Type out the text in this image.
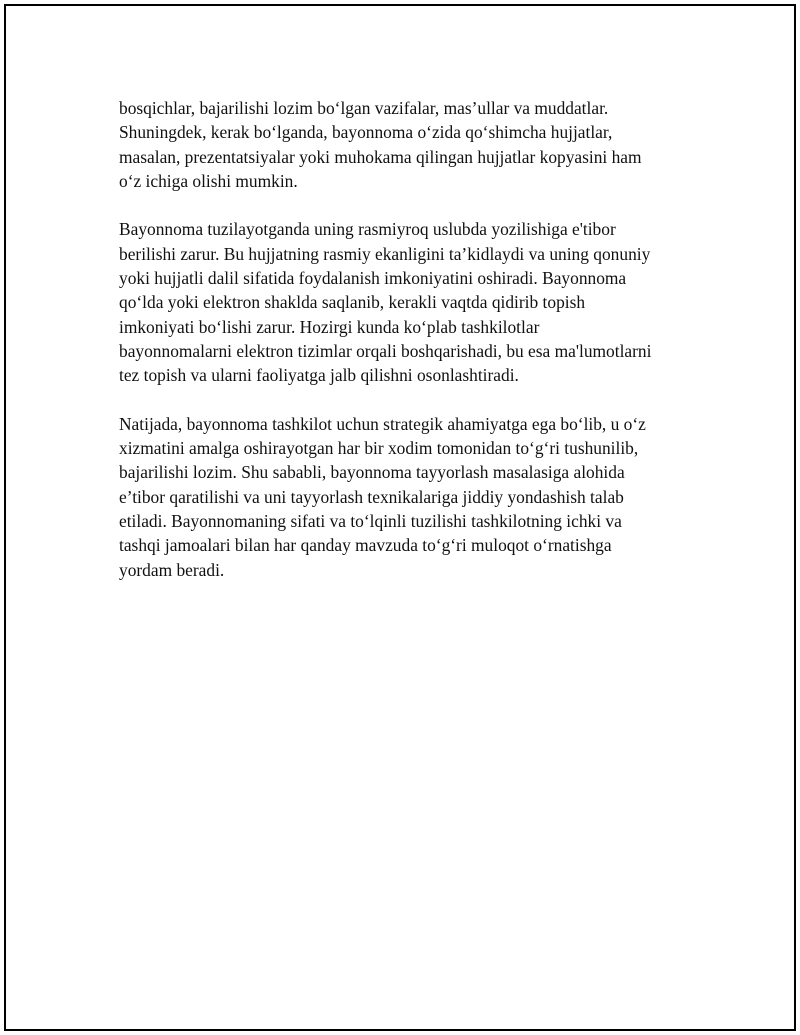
bosqichlar, bajarilishi lozim bo‘lgan vazifalar, mas’ullar va muddatlar.
Shuningdek, kerak bo‘lganda, bayonnoma o‘zida qo‘shimcha hujjatlar,
masalan, prezentatsiyalar yoki muhokama qilingan hujjatlar kopyasini ham
o‘z ichiga olishi mumkin.

Bayonnoma tuzilayotganda uning rasmiyroq uslubda yozilishiga e'tibor
berilishi zarur. Bu hujjatning rasmiy ekanligini ta’kidlaydi va uning qonuniy
yoki hujjatli dalil sifatida foydalanish imkoniyatini oshiradi. Bayonnoma
qo‘lda yoki elektron shaklda saqlanib, kerakli vaqtda qidirib topish
imkoniyati bo‘lishi zarur. Hozirgi kunda ko‘plab tashkilotlar
bayonnomalarni elektron tizimlar orqali boshqarishadi, bu esa ma'lumotlarni
tez topish va ularni faoliyatga jalb qilishni osonlashtiradi.

Natijada, bayonnoma tashkilot uchun strategik ahamiyatga ega bo‘lib, u o‘z
xizmatini amalga oshirayotgan har bir xodim tomonidan to‘g‘ri tushunilib,
bajarilishi lozim. Shu sababli, bayonnoma tayyorlash masalasiga alohida
e’tibor qaratilishi va uni tayyorlash texnikalariga jiddiy yondashish talab
etiladi. Bayonnomaning sifati va to‘lqinli tuzilishi tashkilotning ichki va
tashqi jamoalari bilan har qanday mavzuda to‘g‘ri muloqot o‘rnatishga
yordam beradi.
